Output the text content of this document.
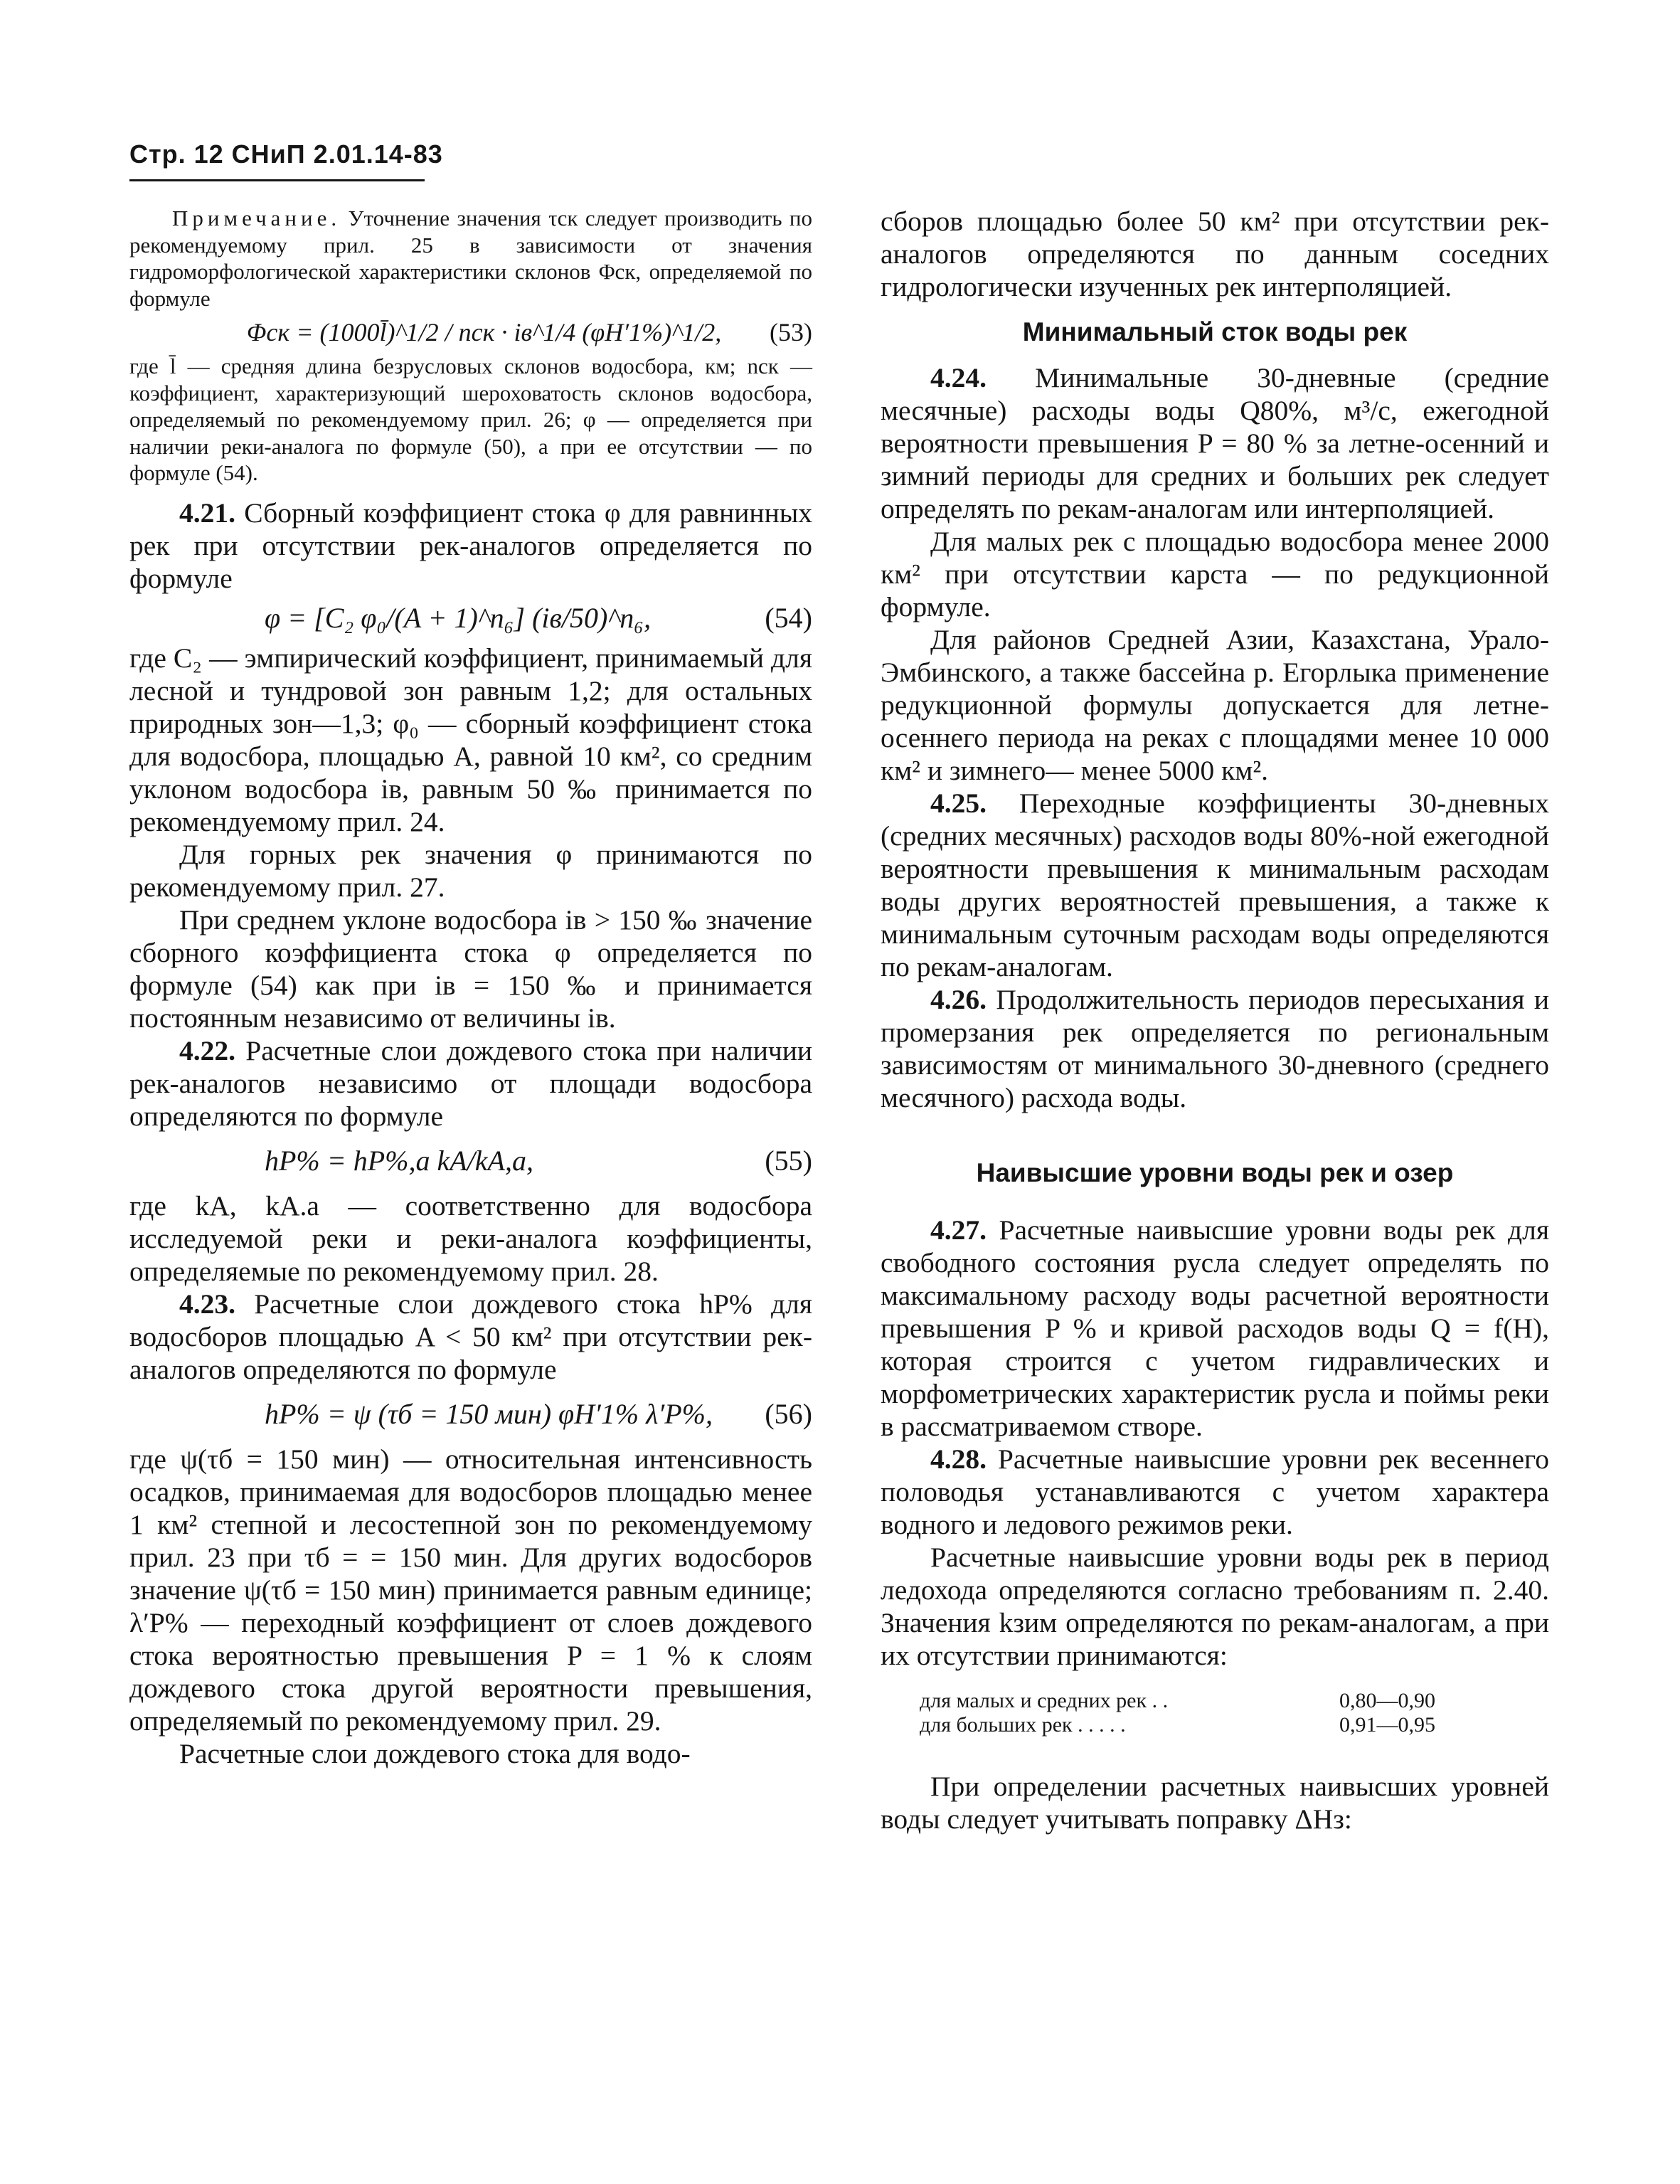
Стр. 12 СНиП 2.01.14-83

Примечание. Уточнение значения τск следует производить по рекомендуемому прил. 25 в зависимости от значения гидроморфологической характеристики склонов Φск, определяемой по формуле

Φск = (1000l̄)^1/2 / nск · iв^1/4 (φH′1%)^1/2, (53)

где l̄ — средняя длина безрусловых склонов водосбора, км; nск — коэффициент, характеризующий шероховатость склонов водосбора, определяемый по рекомендуемому прил. 26; φ — определяется при наличии реки-аналога по формуле (50), а при ее отсутствии — по формуле (54).

4.21. Сборный коэффициент стока φ для равнинных рек при отсутствии рек-аналогов определяется по формуле

φ = [C₂ φ₀/(A + 1)^n₆] (iв/50)^n₆,	(54)

где C₂ — эмпирический коэффициент, принимаемый для лесной и тундровой зон равным 1,2; для остальных природных зон—1,3; φ₀ — сборный коэффициент стока для водосбора, площадью A, равной 10 км², со средним уклоном водосбора iв, равным 50 ‰ принимается по рекомендуемому прил. 24.

Для горных рек значения φ принимаются по рекомендуемому прил. 27.

При среднем уклоне водосбора iв > 150 ‰ значение сборного коэффициента стока φ определяется по формуле (54) как при iв = 150 ‰ и принимается постоянным независимо от величины iв.

4.22. Расчетные слои дождевого стока при наличии рек-аналогов независимо от площади водосбора определяются по формуле

hP% = hP%,a kA/kA,a,	(55)

где kA, kA.a — соответственно для водосбора исследуемой реки и реки-аналога коэффициенты, определяемые по рекомендуемому прил. 28.

4.23. Расчетные слои дождевого стока hP% для водосборов площадью A < 50 км² при отсутствии рек-аналогов определяются по формуле

hP% = ψ (τб = 150 мин) φH′1% λ′P%, (56)

где ψ(τб = 150 мин) — относительная интенсивность осадков, принимаемая для водосборов площадью менее 1 км² степной и лесостепной зон по рекомендуемому прил. 23 при τб = = 150 мин. Для других водосборов значение ψ(τб = 150 мин) принимается равным единице; λ′P% — переходный коэффициент от слоев дождевого стока вероятностью превышения P = 1 % к слоям дождевого стока другой вероятности превышения, определяемый по рекомендуемому прил. 29.

Расчетные слои дождевого стока для водо-

сборов площадью более 50 км² при отсутствии рек-аналогов определяются по данным соседних гидрологически изученных рек интерполяцией.

Минимальный сток воды рек

4.24. Минимальные 30-дневные (средние месячные) расходы воды Q80%, м³/с, ежегодной вероятности превышения P = 80 % за летне-осенний и зимний периоды для средних и больших рек следует определять по рекам-аналогам или интерполяцией.

Для малых рек с площадью водосбора менее 2000 км² при отсутствии карста — по редукционной формуле.

Для районов Средней Азии, Казахстана, Урало-Эмбинского, а также бассейна р. Егорлыка применение редукционной формулы допускается для летне-осеннего периода на реках с площадями менее 10 000 км² и зимнего— менее 5000 км².

4.25. Переходные коэффициенты 30-дневных (средних месячных) расходов воды 80%-ной ежегодной вероятности превышения к минимальным расходам воды других вероятностей превышения, а также к минимальным суточным расходам воды определяются по рекам-аналогам.

4.26. Продолжительность периодов пересыхания и промерзания рек определяется по региональным зависимостям от минимального 30-дневного (среднего месячного) расхода воды.

Наивысшие уровни воды рек и озер

4.27. Расчетные наивысшие уровни воды рек для свободного состояния русла следует определять по максимальному расходу воды расчетной вероятности превышения P % и кривой расходов воды Q = f(H), которая строится с учетом гидравлических и морфометрических характеристик русла и поймы реки в рассматриваемом створе.

4.28. Расчетные наивысшие уровни рек весеннего половодья устанавливаются с учетом характера водного и ледового режимов реки.

Расчетные наивысшие уровни воды рек в период ледохода определяются согласно требованиям п. 2.40. Значения kзим определяются по рекам-аналогам, а при их отсутствии принимаются:

для малых и средних рек . .	0,80—0,90
для больших рек . . . . .	0,91—0,95

При определении расчетных наивысших уровней воды следует учитывать поправку ΔHз:
